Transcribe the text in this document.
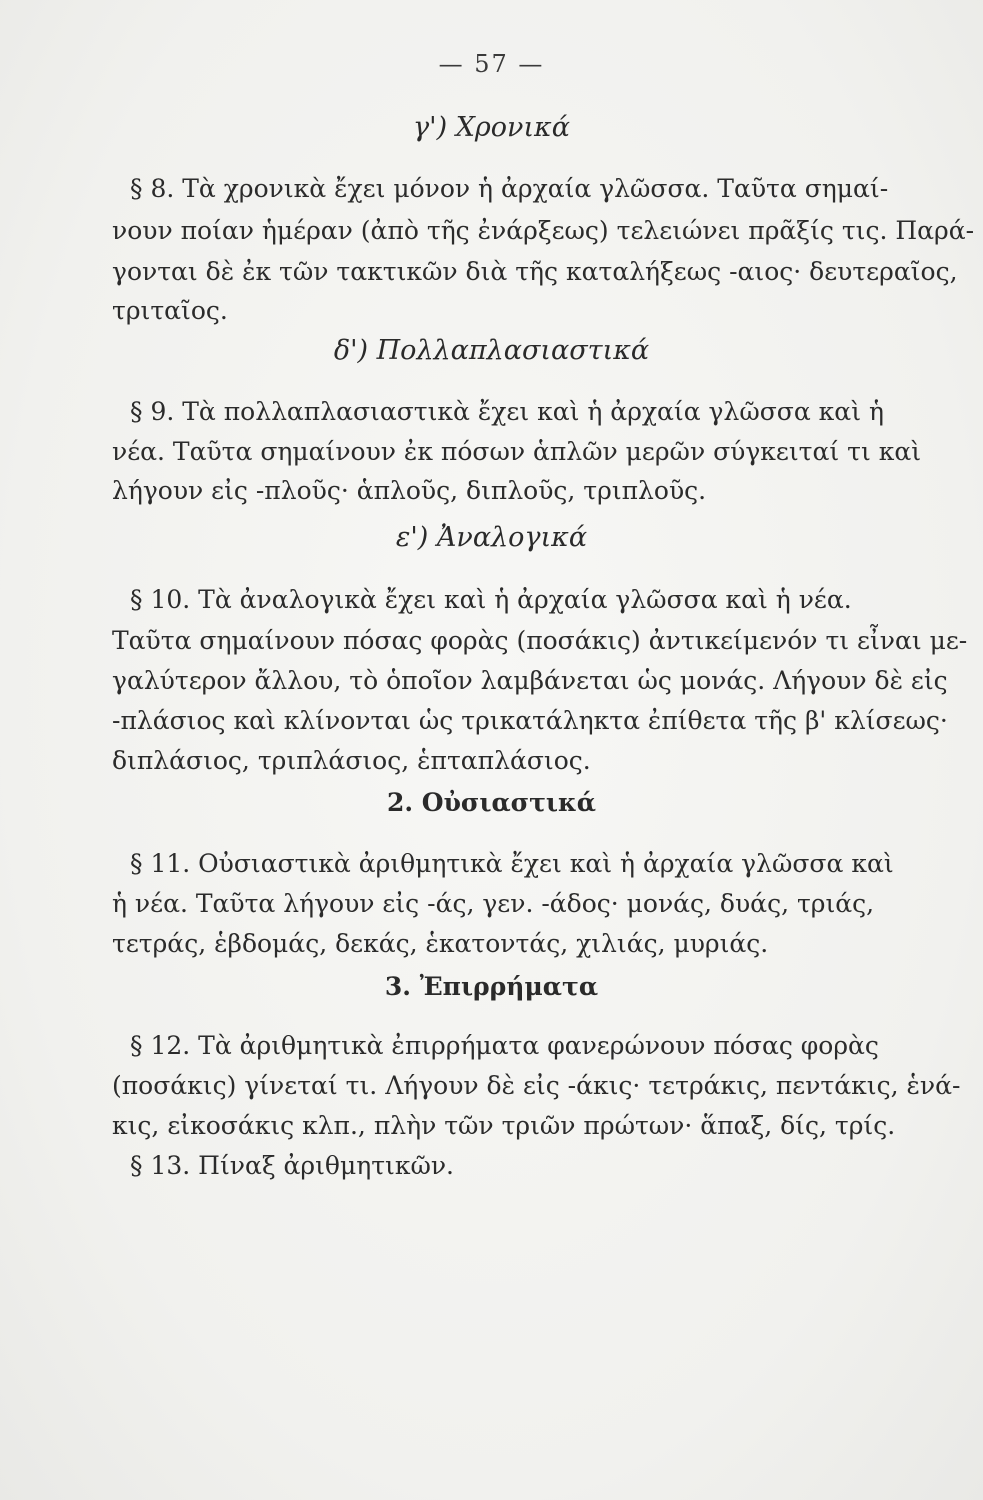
— 57 —
γ') Χρονικά
§ 8. Τὰ χρονικὰ ἔχει μόνον ἡ ἀρχαία γλῶσσα. Ταῦτα σημαί-
νουν ποίαν ἡμέραν (ἀπὸ τῆς ἐνάρξεως) τελειώνει πρᾶξίς τις. Παρά-
γονται δὲ ἐκ τῶν τακτικῶν διὰ τῆς καταλήξεως -αιος· δευτεραῖος,
τριταῖος.
δ') Πολλαπλασιαστικά
§ 9. Τὰ πολλαπλασιαστικὰ ἔχει καὶ ἡ ἀρχαία γλῶσσα καὶ ἡ
νέα. Ταῦτα σημαίνουν ἐκ πόσων ἁπλῶν μερῶν σύγκειταί τι καὶ
λήγουν εἰς -πλοῦς· ἁπλοῦς, διπλοῦς, τριπλοῦς.
ε') Ἀναλογικά
§ 10. Τὰ ἀναλογικὰ ἔχει καὶ ἡ ἀρχαία γλῶσσα καὶ ἡ νέα.
Ταῦτα σημαίνουν πόσας φορὰς (ποσάκις) ἀντικείμενόν τι εἶναι με-
γαλύτερον ἄλλου, τὸ ὁποῖον λαμβάνεται ὡς μονάς. Λήγουν δὲ εἰς
-πλάσιος καὶ κλίνονται ὡς τρικατάληκτα ἐπίθετα τῆς β' κλίσεως·
διπλάσιος, τριπλάσιος, ἑπταπλάσιος.
2. Οὐσιαστικά
§ 11. Οὐσιαστικὰ ἀριθμητικὰ ἔχει καὶ ἡ ἀρχαία γλῶσσα καὶ
ἡ νέα. Ταῦτα λήγουν εἰς -άς, γεν. -άδος· μονάς, δυάς, τριάς,
τετράς, ἑβδομάς, δεκάς, ἑκατοντάς, χιλιάς, μυριάς.
3. Ἐπιρρήματα
§ 12. Τὰ ἀριθμητικὰ ἐπιρρήματα φανερώνουν πόσας φορὰς
(ποσάκις) γίνεταί τι. Λήγουν δὲ εἰς -άκις· τετράκις, πεντάκις, ἑνά-
κις, εἰκοσάκις κλπ., πλὴν τῶν τριῶν πρώτων· ἅπαξ, δίς, τρίς.
§ 13. Πίναξ ἀριθμητικῶν.
